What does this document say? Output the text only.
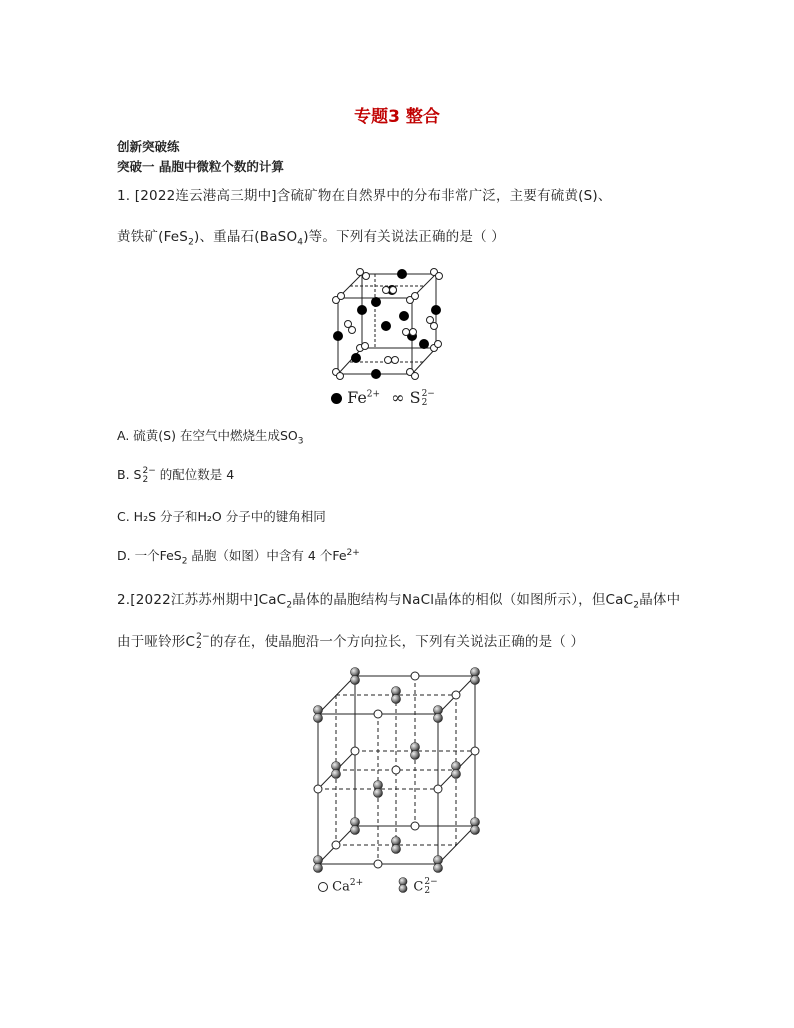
专题3 整合
创新突破练
突破一 晶胞中微粒个数的计算
1. [2022连云港高三期中]含硫矿物在自然界中的分布非常广泛，主要有硫黄(S)、
黄铁矿(FeS$_2$)、重晶石(BaSO$_4$)等。下列有关说法正确的是（ ）
$Fe^{2+}$ ∞ S 2−
2
A. 硫黄(S) 在空气中燃烧生成$SO_3$
B. S 2−
2 的配位数是 4
C. H₂S 分子和H₂O 分子中的键角相同
D. 一个FeS$_2$ 晶胞（如图）中含有 4 个$Fe^{2+}$
2.[2022江苏苏州期中]CaC$_2$晶体的晶胞结构与NaCl晶体的相似（如图所示），但CaC$_2$晶体中
由于哑铃形C 2−
2 的存在，使晶胞沿一个方向拉长，下列有关说法正确的是（ ）
$Ca^{2+}$	C 2−
2
